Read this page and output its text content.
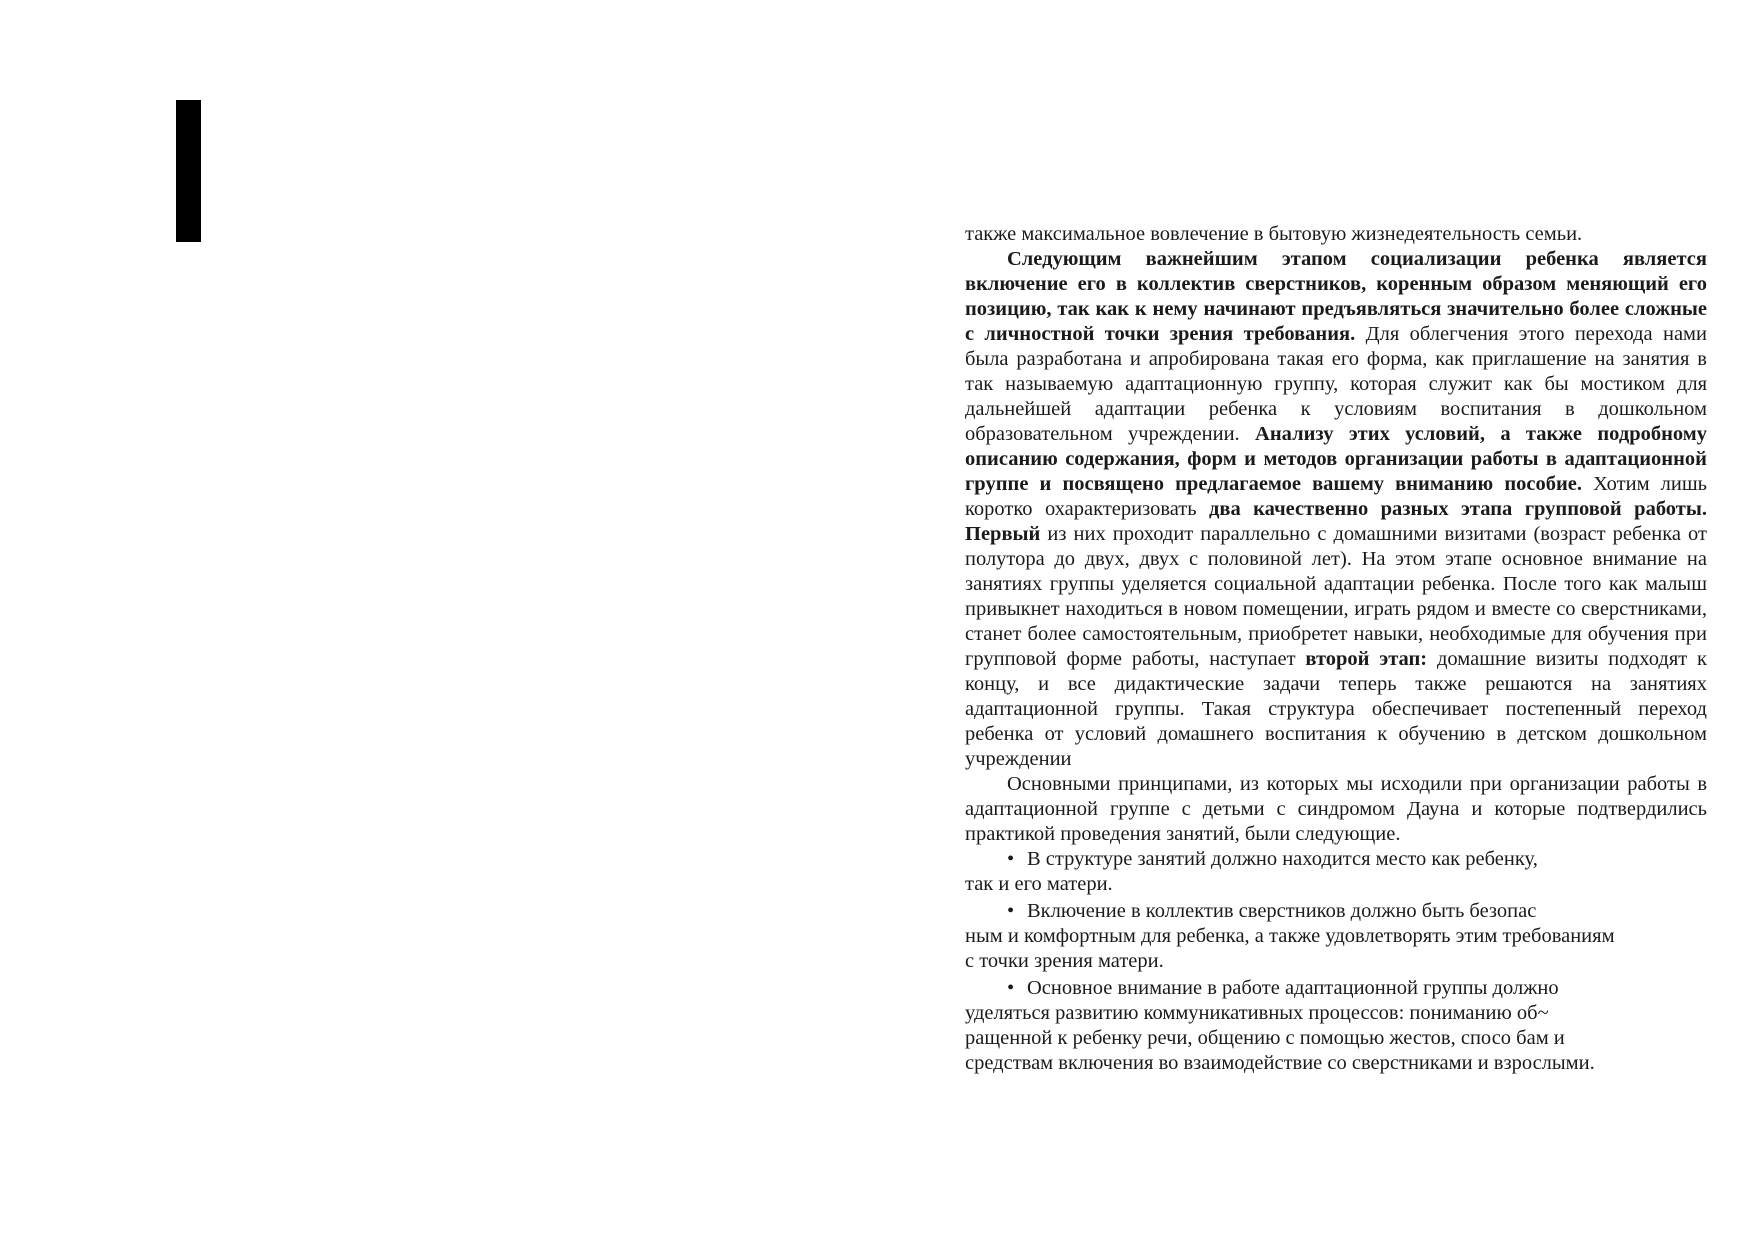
также максимальное вовлечение в бытовую жизнедеятельность семьи.

Следующим важнейшим этапом социализации ребенка является включение его в коллектив сверстников, коренным образом меняющий его позицию, так как к нему начинают предъявляться значительно более сложные с личностной точки зрения требования. Для облегчения этого перехода нами была разработана и апробирована такая его форма, как приглашение на занятия в так называемую адаптационную группу, которая служит как бы мостиком для дальнейшей адаптации ребенка к условиям воспитания в дошкольном образовательном учреждении. Анализу этих условий, а также подробному описанию содержания, форм и методов организации работы в адаптационной группе и посвящено предлагаемое вашему вниманию пособие. Хотим лишь коротко охарактеризовать два качественно разных этапа групповой работы. Первый из них проходит параллельно с домашними визитами (возраст ребенка от полутора до двух, двух с половиной лет). На этом этапе основное внимание на занятиях группы уделяется социальной адаптации ребенка. После того как малыш привыкнет находиться в новом помещении, играть рядом и вместе со сверстниками, станет более самостоятельным, приобретет навыки, необходимые для обучения при групповой форме работы, наступает второй этап: домашние визиты подходят к концу, и все дидактические задачи теперь также решаются на занятиях адаптационной группы. Такая структура обеспечивает постепенный переход ребенка от условий домашнего воспитания к обучению в детском дошкольном учреждении

Основными принципами, из которых мы исходили при организации работы в адаптационной группе с детьми с синдромом Дауна и которые подтвердились практикой проведения занятий, были следующие.

• В структуре занятий должно находится место как ребенку,
так и его матери.

• Включение в коллектив сверстников должно быть безопас
ным и комфортным для ребенка, а также удовлетворять этим требованиям с точки зрения матери.

• Основное внимание в работе адаптационной группы должно
уделяться развитию коммуникативных процессов: пониманию об~ ращенной к ребенку речи, общению с помощью жестов, спосо бам и средствам включения во взаимодействие со сверстниками и взрослыми.
